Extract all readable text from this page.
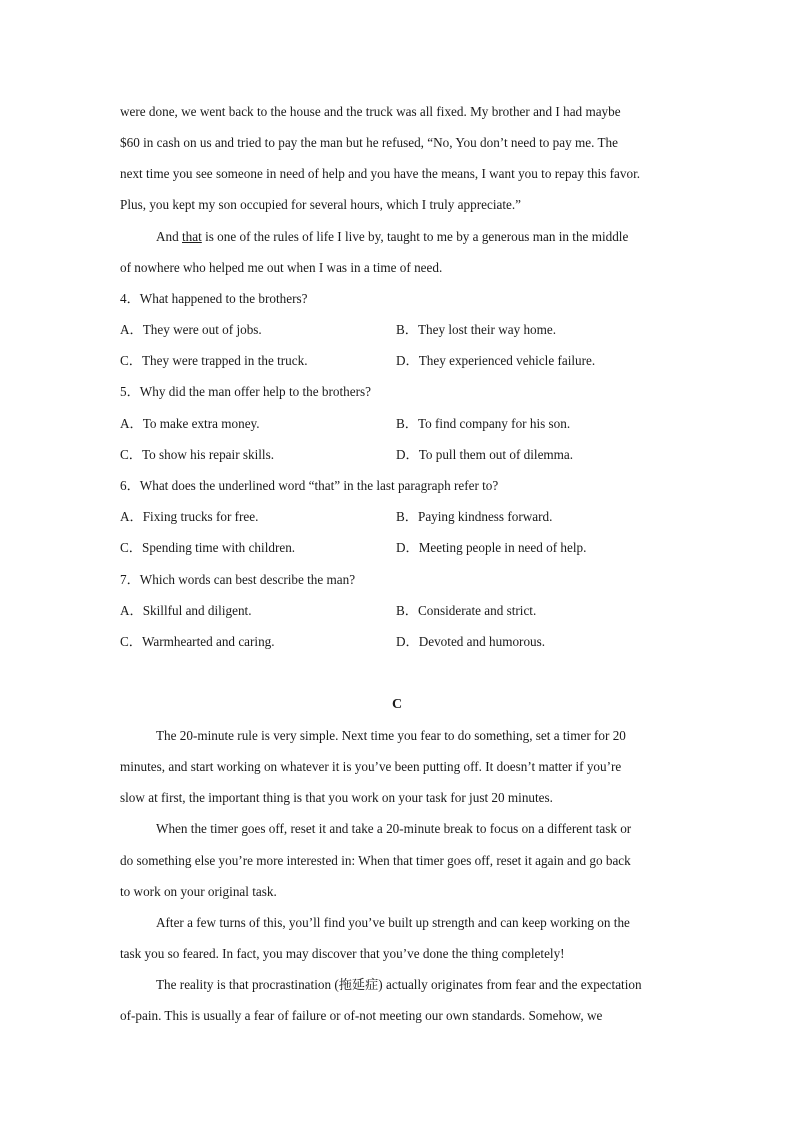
were done, we went back to the house and the truck was all fixed. My brother and I had maybe
$60 in cash on us and tried to pay the man but he refused, “No, You don’t need to pay me. The
next time you see someone in need of help and you have the means, I want you to repay this favor.
Plus, you kept my son occupied for several hours, which I truly appreciate.”
And that is one of the rules of life I live by, taught to me by a generous man in the middle
of nowhere who helped me out when I was in a time of need.
4．What happened to the brothers?
A．They were out of jobs.	B．They lost their way home.
C．They were trapped in the truck.	D．They experienced vehicle failure.
5．Why did the man offer help to the brothers?
A．To make extra money.	B．To find company for his son.
C．To show his repair skills.	D．To pull them out of dilemma.
6．What does the underlined word “that” in the last paragraph refer to?
A．Fixing trucks for free.	B．Paying kindness forward.
C．Spending time with children.	D．Meeting people in need of help.
7．Which words can best describe the man?
A．Skillful and diligent.	B．Considerate and strict.
C．Warmhearted and caring.	D．Devoted and humorous.
C
The 20-minute rule is very simple. Next time you fear to do something, set a timer for 20
minutes, and start working on whatever it is you’ve been putting off. It doesn’t matter if you’re
slow at first, the important thing is that you work on your task for just 20 minutes.
When the timer goes off, reset it and take a 20-minute break to focus on a different task or
do something else you’re more interested in: When that timer goes off, reset it again and go back
to work on your original task.
After a few turns of this, you’ll find you’ve built up strength and can keep working on the
task you so feared. In fact, you may discover that you’ve done the thing completely!
The reality is that procrastination (拖延症) actually originates from fear and the expectation
of-pain. This is usually a fear of failure or of-not meeting our own standards. Somehow, we
